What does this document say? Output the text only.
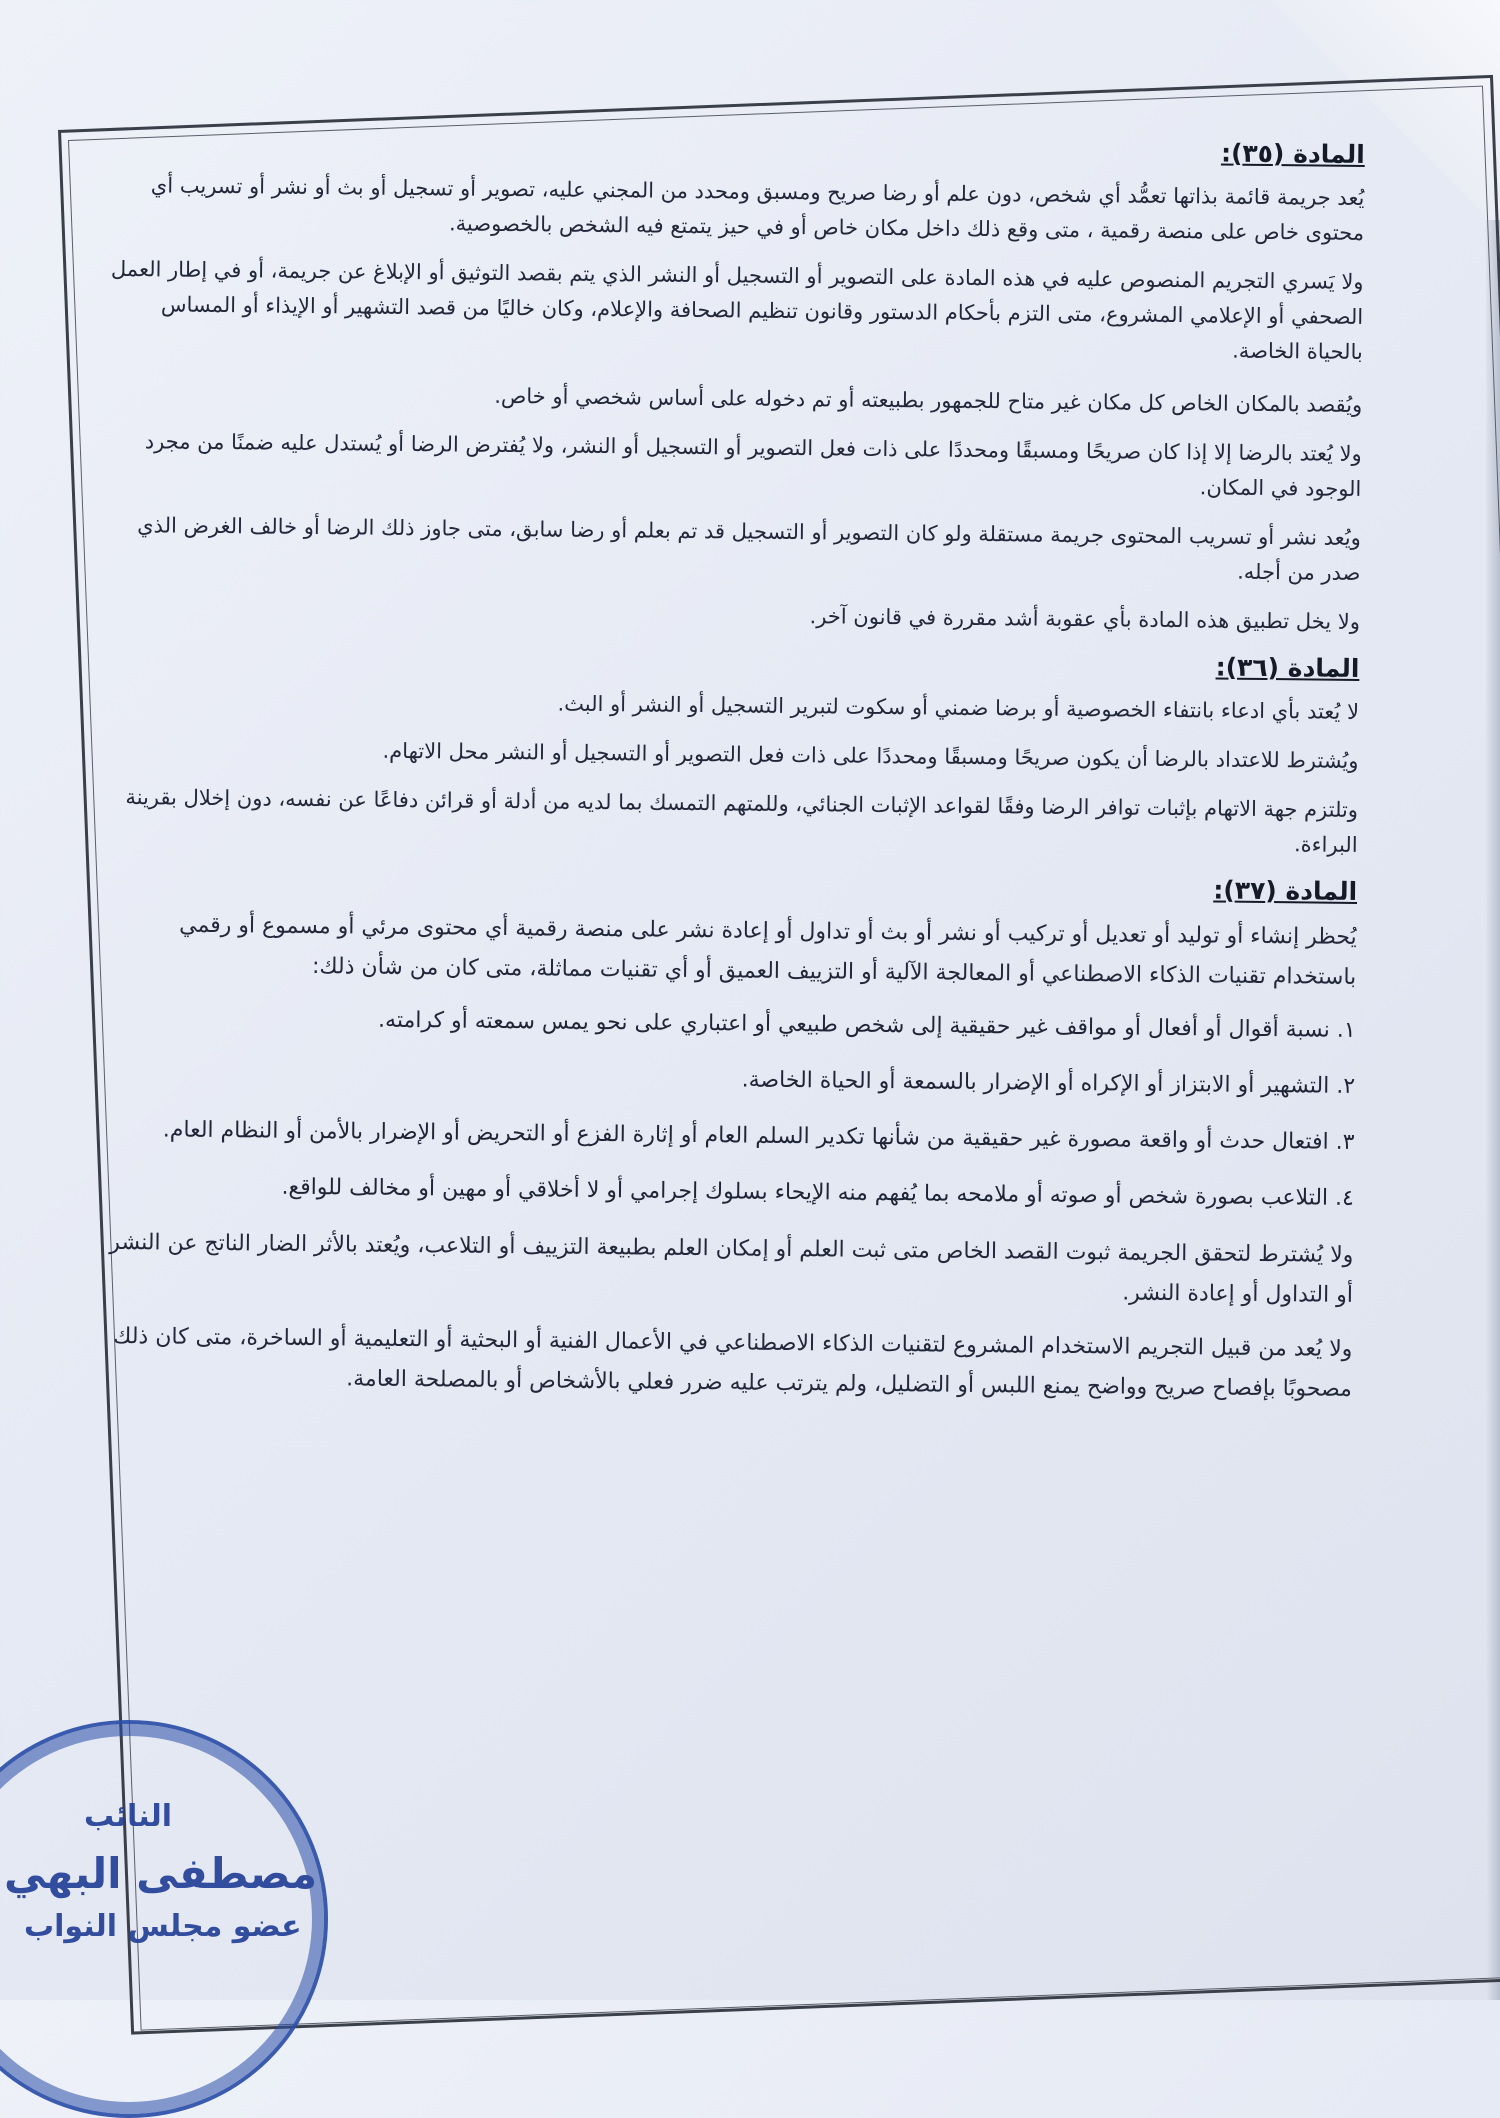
المادة (٣٥):

يُعد جريمة قائمة بذاتها تعمُّد أي شخص، دون علم أو رضا صريح ومسبق ومحدد من المجني عليه، تصوير أو تسجيل أو بث أو نشر أو تسريب أي محتوى خاص على منصة رقمية ، متى وقع ذلك داخل مكان خاص أو في حيز يتمتع فيه الشخص بالخصوصية.

ولا يَسري التجريم المنصوص عليه في هذه المادة على التصوير أو التسجيل أو النشر الذي يتم بقصد التوثيق أو الإبلاغ عن جريمة، أو في إطار العمل الصحفي أو الإعلامي المشروع، متى التزم بأحكام الدستور وقانون تنظيم الصحافة والإعلام، وكان خاليًا من قصد التشهير أو الإيذاء أو المساس بالحياة الخاصة.

ويُقصد بالمكان الخاص كل مكان غير متاح للجمهور بطبيعته أو تم دخوله على أساس شخصي أو خاص.

ولا يُعتد بالرضا إلا إذا كان صريحًا ومسبقًا ومحددًا على ذات فعل التصوير أو التسجيل أو النشر، ولا يُفترض الرضا أو يُستدل عليه ضمنًا من مجرد الوجود في المكان.

ويُعد نشر أو تسريب المحتوى جريمة مستقلة ولو كان التصوير أو التسجيل قد تم بعلم أو رضا سابق، متى جاوز ذلك الرضا أو خالف الغرض الذي صدر من أجله.

ولا يخل تطبيق هذه المادة بأي عقوبة أشد مقررة في قانون آخر.

المادة (٣٦):

لا يُعتد بأي ادعاء بانتفاء الخصوصية أو برضا ضمني أو سكوت لتبرير التسجيل أو النشر أو البث.

ويُشترط للاعتداد بالرضا أن يكون صريحًا ومسبقًا ومحددًا على ذات فعل التصوير أو التسجيل أو النشر محل الاتهام.

وتلتزم جهة الاتهام بإثبات توافر الرضا وفقًا لقواعد الإثبات الجنائي، وللمتهم التمسك بما لديه من أدلة أو قرائن دفاعًا عن نفسه، دون إخلال بقرينة البراءة.

المادة (٣٧):

يُحظر إنشاء أو توليد أو تعديل أو تركيب أو نشر أو بث أو تداول أو إعادة نشر على منصة رقمية أي محتوى مرئي أو مسموع أو رقمي باستخدام تقنيات الذكاء الاصطناعي أو المعالجة الآلية أو التزييف العميق أو أي تقنيات مماثلة، متى كان من شأن ذلك:

١. نسبة أقوال أو أفعال أو مواقف غير حقيقية إلى شخص طبيعي أو اعتباري على نحو يمس سمعته أو كرامته.

٢. التشهير أو الابتزاز أو الإكراه أو الإضرار بالسمعة أو الحياة الخاصة.

٣. افتعال حدث أو واقعة مصورة غير حقيقية من شأنها تكدير السلم العام أو إثارة الفزع أو التحريض أو الإضرار بالأمن أو النظام العام.

٤. التلاعب بصورة شخص أو صوته أو ملامحه بما يُفهم منه الإيحاء بسلوك إجرامي أو لا أخلاقي أو مهين أو مخالف للواقع.

ولا يُشترط لتحقق الجريمة ثبوت القصد الخاص متى ثبت العلم أو إمكان العلم بطبيعة التزييف أو التلاعب، ويُعتد بالأثر الضار الناتج عن النشر أو التداول أو إعادة النشر.

ولا يُعد من قبيل التجريم الاستخدام المشروع لتقنيات الذكاء الاصطناعي في الأعمال الفنية أو البحثية أو التعليمية أو الساخرة، متى كان ذلك مصحوبًا بإفصاح صريح وواضح يمنع اللبس أو التضليل، ولم يترتب عليه ضرر فعلي بالأشخاص أو بالمصلحة العامة.

النائب
مصطفى البهي
عضو مجلس النواب
